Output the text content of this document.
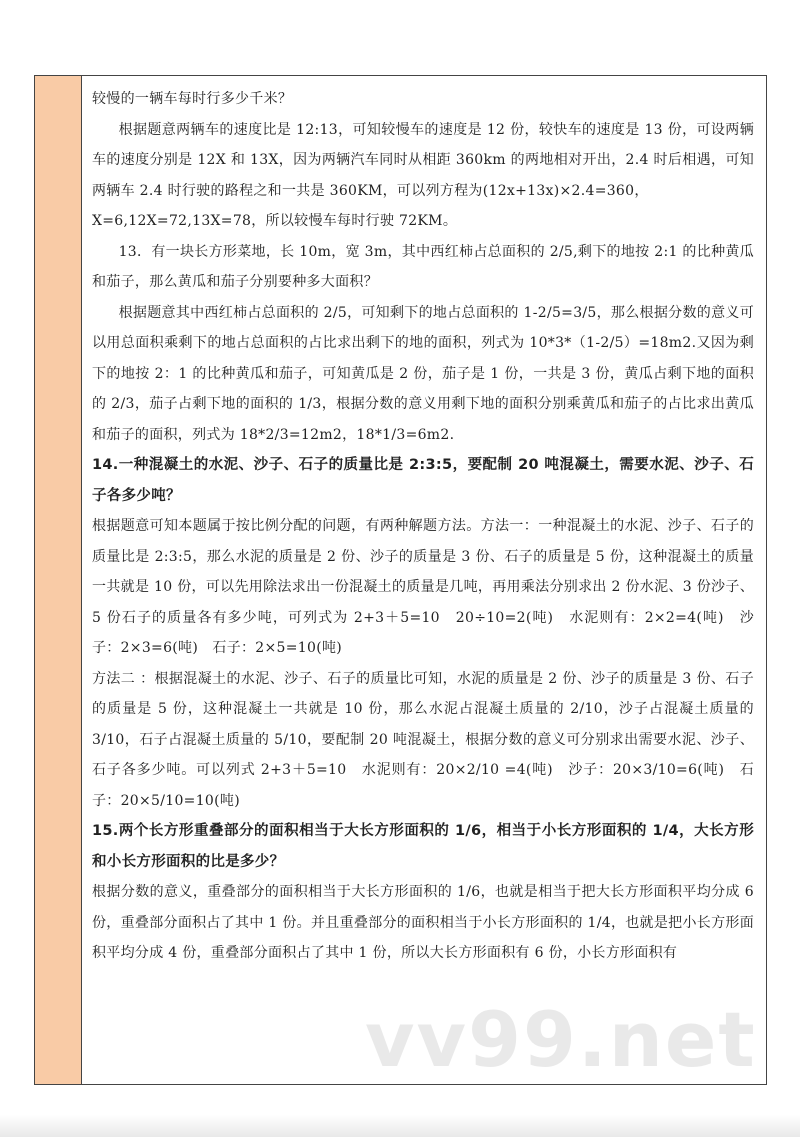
较慢的一辆车每时行多少千米？

根据题意两辆车的速度比是 12:13，可知较慢车的速度是 12 份，较快车的速度是 13 份，可设两辆车的速度分别是 12X 和 13X，因为两辆汽车同时从相距 360km 的两地相对开出，2.4 时后相遇，可知两辆车 2.4 时行驶的路程之和一共是 360KM，可以列方程为(12x+13x)×2.4=360，

X=6,12X=72,13X=78，所以较慢车每时行驶 72KM。

13．有一块长方形菜地，长 10m，宽 3m，其中西红柿占总面积的 2/5,剩下的地按 2:1 的比种黄瓜和茄子，那么黄瓜和茄子分别要种多大面积？

根据题意其中西红柿占总面积的 2/5，可知剩下的地占总面积的 1-2/5=3/5，那么根据分数的意义可以用总面积乘剩下的地占总面积的占比求出剩下的地的面积，列式为 10*3*（1-2/5）=18m2.又因为剩下的地按 2：1 的比种黄瓜和茄子，可知黄瓜是 2 份，茄子是 1 份，一共是 3 份，黄瓜占剩下地的面积的 2/3，茄子占剩下地的面积的 1/3，根据分数的意义用剩下地的面积分别乘黄瓜和茄子的占比求出黄瓜和茄子的面积，列式为 18*2/3=12m2，18*1/3=6m2.

14.一种混凝土的水泥、沙子、石子的质量比是 2:3:5，要配制 20 吨混凝土，需要水泥、沙子、石子各多少吨？

根据题意可知本题属于按比例分配的问题，有两种解题方法。方法一：一种混凝土的水泥、沙子、石子的质量比是 2:3:5，那么水泥的质量是 2 份、沙子的质量是 3 份、石子的质量是 5 份，这种混凝土的质量一共就是 10 份，可以先用除法求出一份混凝土的质量是几吨，再用乘法分别求出 2 份水泥、3 份沙子、5 份石子的质量各有多少吨，可列式为 2+3＋5=10　20÷10=2(吨)　水泥则有：2×2=4(吨)　沙子：2×3=6(吨)　石子：2×5=10(吨)

方法二 ：根据混凝土的水泥、沙子、石子的质量比可知，水泥的质量是 2 份、沙子的质量是 3 份、石子的质量是 5 份，这种混凝土一共就是 10 份，那么水泥占混凝土质量的 2/10，沙子占混凝土质量的 3/10，石子占混凝土质量的 5/10，要配制 20 吨混凝土，根据分数的意义可分别求出需要水泥、沙子、石子各多少吨。可以列式 2+3＋5=10　水泥则有：20×2/10 =4(吨)　沙子：20×3/10=6(吨)　石子：20×5/10=10(吨)

15.两个长方形重叠部分的面积相当于大长方形面积的 1/6，相当于小长方形面积的 1/4，大长方形和小长方形面积的比是多少？

根据分数的意义，重叠部分的面积相当于大长方形面积的 1/6，也就是相当于把大长方形面积平均分成 6 份，重叠部分面积占了其中 1 份。并且重叠部分的面积相当于小长方形面积的 1/4，也就是把小长方形面积平均分成 4 份，重叠部分面积占了其中 1 份，所以大长方形面积有 6 份，小长方形面积有

vv99.net
